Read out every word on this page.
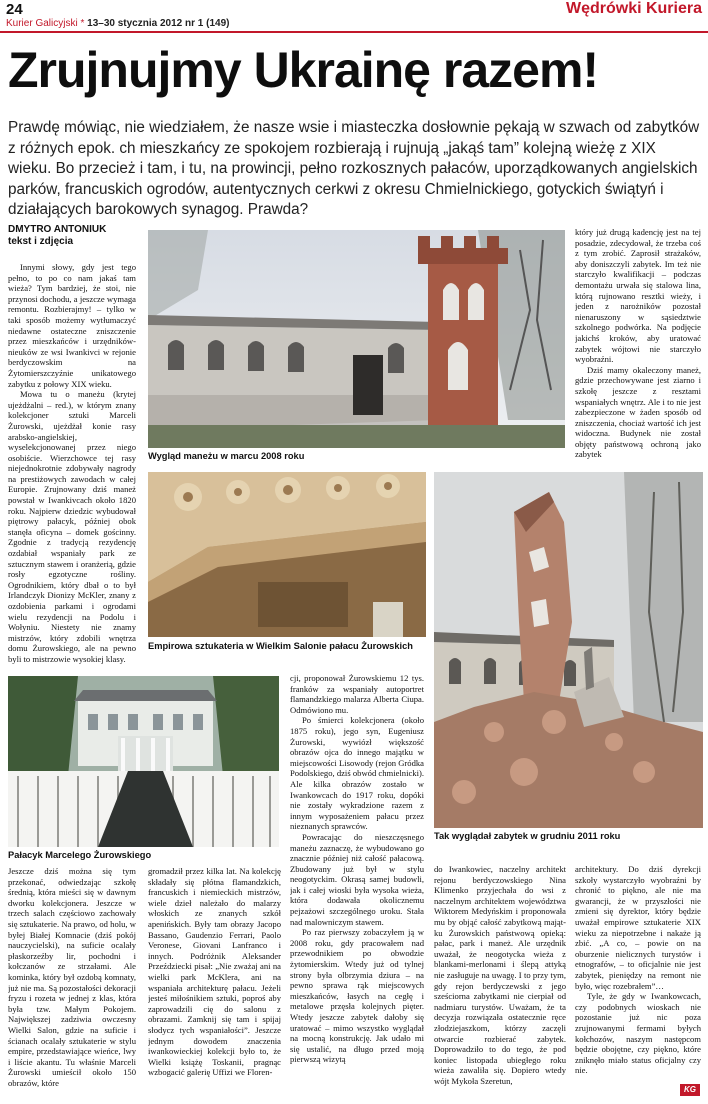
24
Kurier Galicyjski * 13–30 stycznia 2012 nr 1 (149)
Wędrówki Kuriera
Zrujnujmy Ukrainę razem!
Prawdę mówiąc, nie wiedziałem, że nasze wsie i miasteczka dosłownie pękają w szwach od zabytków z różnych epok. ch mieszkańcy ze spokojem rozbierają i rujnują „jakąś tam” kolejną wieżę z XIX wieku. Bo przecież i tam, i tu, na prowincji, pełno rozkosznych pałaców, uporządkowanych angielskich parków, francuskich ogrodów, autentycznych cerkwi z okresu Chmielnickiego, gotyckich świątyń i działających barokowych synagog. Prawda?
DMYTRO ANTONIUK
tekst i zdjęcia

Innymi słowy, gdy jest tego pełno, to po co nam jakaś tam wieża? Tym bardziej, że stoi, nie przynosi dochodu, a jeszcze wymaga remontu. Rozbierajmy! – tylko w taki sposób możemy wytłumaczyć niedawne ostateczne zniszczenie przez mieszkańców i urzędników-nieuków ze wsi Iwankivci w rejonie berdyczowskim na Żytomierszczyźnie unikatowego zabytku z połowy XIX wieku.

Mowa tu o maneżu (krytej ujeżdżalni – red.), w którym znany kolekcjoner sztuki Marceli Żurowski, ujeżdżał konie rasy arabsko-angielskiej, wyselekcjonowanej przez niego osobiście. Wierzchowce tej rasy niejednokrotnie zdobywały nagrody na prestiżowych zawodach w całej Europie. Zrujnowany dziś maneż powstał w Iwankivcach około 1820 roku. Najpierw dziedzic wybudował piętrowy pałacyk, później obok stanęła oficyna – domek gościnny. Zgodnie z tradycją rezydencję ozdabiał wspaniały park ze sztucznym stawem i oranżerią, gdzie rosły egzotyczne rośliny. Ogrodnikiem, który dbał o to był Irlandczyk Dionizy McKler, znany z ozdobienia parkami i ogrodami wielu rezydencji na Podolu i Wołyniu. Niestety nie znamy mistrzów, który zdobili wnętrza domu Żurowskiego, ale na pewno byli to mistrzowie wysokiej klasy.

Wygląd maneżu w marcu 2008 roku

który już drugą kadencję jest na tej posadzie, zdecydował, że trzeba coś z tym zrobić. Zaprosił strażaków, aby doniszczyli zabytek. Im też nie starczyło kwalifikacji – podczas demontażu urwała się stalowa lina, którą rujnowano resztki wieży, i jeden z narożników pozostał nienaruszony w sąsiedztwie szkolnego podwórka. Na podjęcie jakichś kroków, aby uratować zabytek wójtowi nie starczyło wyobraźni.

Dziś mamy okaleczony maneż, gdzie przechowywane jest ziarno i szkołę jeszcze z resztami wspaniałych wnętrz. Ale i to nie jest zabezpieczone w żaden sposób od zniszczenia, chociaż wartość ich jest widoczna. Budynek nie został objęty państwową ochroną jako zabytek

Empirowa sztukateria w Wielkim Salonie pałacu Żurowskich
Tak wyglądał zabytek w grudniu 2011 roku
Pałacyk Marcelego Żurowskiego

cji, proponował Żurowskiemu 12 tys. franków za wspaniały autoportret flamandzkiego malarza Alberta Ciupa. Odmówiono mu.

Po śmierci kolekcjonera (około 1875 roku), jego syn, Eugeniusz Żurowski, wywiózł większość obrazów ojca do innego majątku w miejscowości Lisowody (rejon Gródka Podolskiego, dziś obwód chmielnicki). Ale kilka obrazów zostało w Iwankowcach do 1917 roku, dopóki nie zostały wykradzione razem z innym wyposażeniem pałacu przez nieznanych sprawców.

Powracając do nieszczęsnego maneżu zaznaczę, że wybudowano go znacznie później niż całość pałacową. Zbudowany już był w stylu neogotyckim. Okrasą samej budowli, jak i całej wioski była wysoka wieża, która dodawała okolicznemu pejzażowi szczególnego uroku. Stała nad malowniczym stawem.

Po raz pierwszy zobaczyłem ją w 2008 roku, gdy pracowałem nad przewodnikiem po obwodzie żytomierskim. Wtedy już od tylnej strony była olbrzymia dziura – na pewno sprawa rąk miejscowych mieszkańców, łasych na cegłę i metalowe przęsła kolejnych pięter. Wtedy jeszcze zabytek dałoby się uratować – mimo wszystko wyglądał na mocną konstrukcję. Jak udało mi się ustalić, na długo przed moją pierwszą wizytą

Jeszcze dziś można się tym przekonać, odwiedzając szkołę średnią, która mieści się w dawnym dworku kolekcjonera. Jeszcze w trzech salach częściowo zachowały się sztukaterie. Na prawo, od holu, w byłej Białej Komnacie (dziś pokój nauczycielski), na suficie ocalały płaskorzeźby lir, pochodni i kołczanów ze strzałami. Ale kominka, który był ozdobą komnaty, już nie ma. Są pozostałości dekoracji fryzu i rozeta w jednej z klas, która była tzw. Małym Pokojem. Największej zadziwia owczesny Wielki Salon, gdzie na suficie i ścianach ocalały sztukaterie w stylu empire, przedstawiające wieńce, lwy i liście akantu. Tu właśnie Marceli Żurowski umieścił około 150 obrazów, które

gromadził przez kilka lat. Na kolekcję składały się płótna flamandzkich, francuskich i niemieckich mistrzów, wiele dzieł należało do malarzy włoskich ze znanych szkół apenińskich. Były tam obrazy Jacopo Bassano, Gaudenzio Ferrari, Paolo Veronese, Giovani Lanfranco i innych. Podróżnik Aleksander Przeździecki pisał: „Nie zważaj ani na wielki park McKlera, ani na wspaniała architekturę pałacu. Jeżeli jesteś miłośnikiem sztuki, poproś aby zaprowadzili cię do salonu z obrazami. Zamknij się tam i spijaj słodycz tych wspaniałości”. Jeszcze jednym dowodem znaczenia iwankowieckiej kolekcji było to, że Wielki książę Toskanii, pragnąc wzbogacić galerię Uffizi we Floren-

do Iwankowiec, naczelny architekt rejonu berdyczowskiego Nina Klimenko przyjechała do wsi z naczelnym architektem województwa Wiktorem Medyńskim i proponowała mu by objąć całość zabytkową majątku Żurowskich państwową opieką: pałac, park i maneż. Ale urzędnik uważał, że neogotycka wieża z blankami-merlonami i ślepą attyką nie zasługuje na uwagę. I to przy tym, gdy rejon berdyczewski z jego sześciorna zabytkami nie cierpiał od nadmiaru turystów. Uważam, że ta decyzja rozwiązała ostatecznie ręce złodziejaszkom, którzy zaczęli otwarcie rozbierać zabytek. Doprowadziło to do tego, że pod koniec listopada ubiegłego roku wieża zawaliła się. Dopiero wtedy wójt Mykoła Szeretun,

architektury. Do dziś dyrekcji szkoły wystarczyło wyobraźni by chronić to piękno, ale nie ma gwarancji, że w przyszłości nie zmieni się dyrektor, który będzie uważał empirowe sztukaterie XIX wieku za niepotrzebne i nakaże ją zbić. „A co, – powie on na oburzenie nielicznych turystów i etnografów, – to oficjalnie nie jest zabytek, pieniędzy na remont nie było, więc rozebrałem”…

Tyle, że gdy w Iwankowcach, czy podobnych wioskach nie pozostanie już nic poza zrujnowanymi fermami byłych kołchozów, naszym następcom będzie obojętne, czy piękno, które zniknęło miało status oficjalny czy nie.

KG
